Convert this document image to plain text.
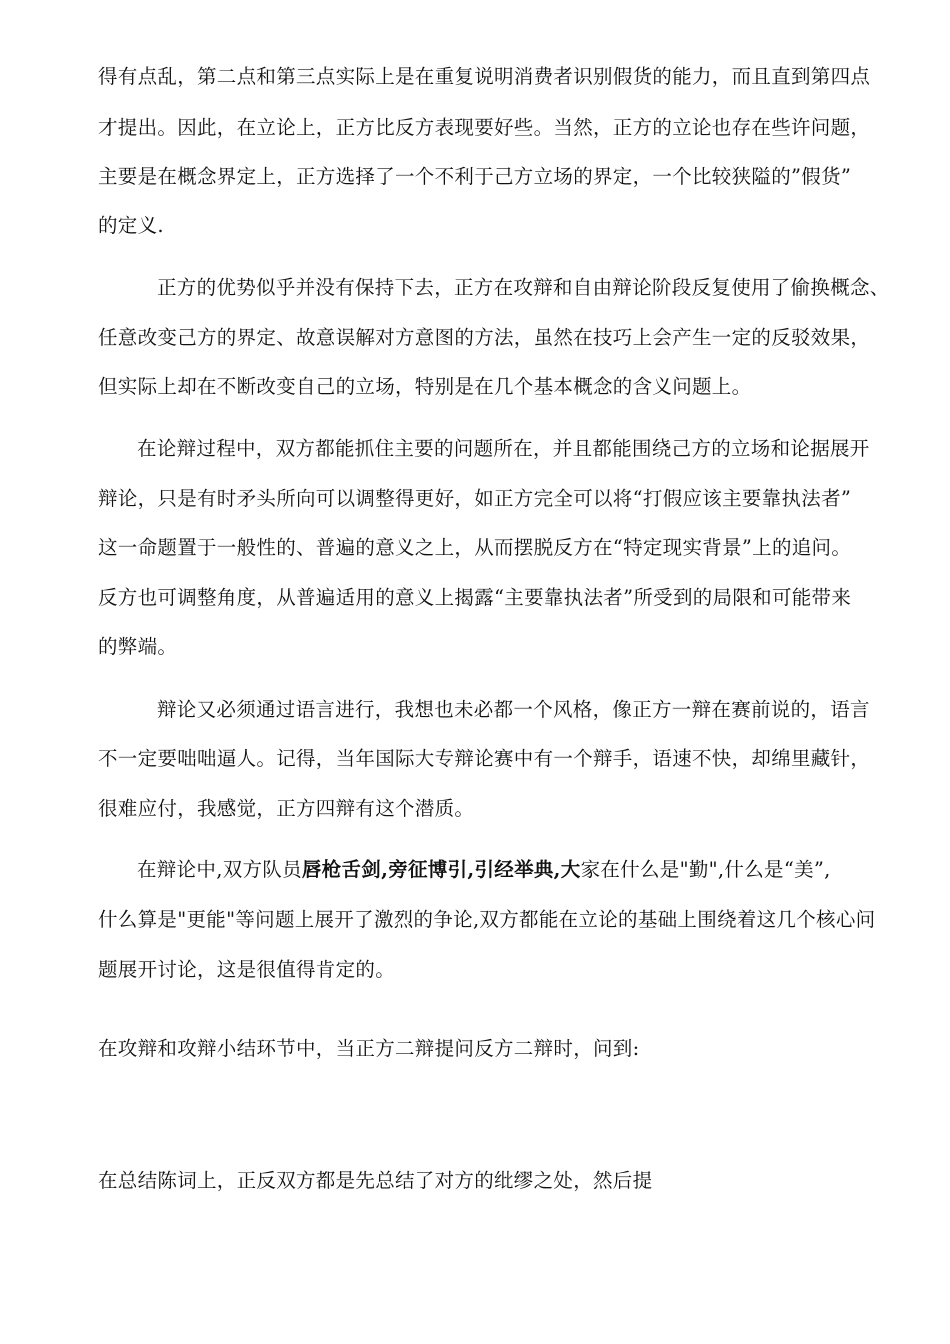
得有点乱，第二点和第三点实际上是在重复说明消费者识别假货的能力，而且直到第四点
才提出。因此，在立论上，正方比反方表现要好些。当然，正方的立论也存在些许问题，
主要是在概念界定上，正方选择了一个不利于己方立场的界定，一个比较狭隘的”假货”
的定义.
正方的优势似乎并没有保持下去，正方在攻辩和自由辩论阶段反复使用了偷换概念、
任意改变己方的界定、故意误解对方意图的方法，虽然在技巧上会产生一定的反驳效果，
但实际上却在不断改变自己的立场，特别是在几个基本概念的含义问题上。
在论辩过程中，双方都能抓住主要的问题所在，并且都能围绕己方的立场和论据展开
辩论，只是有时矛头所向可以调整得更好，如正方完全可以将“打假应该主要靠执法者”
这一命题置于一般性的、普遍的意义之上，从而摆脱反方在“特定现实背景”上的追问。
反方也可调整角度，从普遍适用的意义上揭露“主要靠执法者”所受到的局限和可能带来
的弊端。
辩论又必须通过语言进行，我想也未必都一个风格，像正方一辩在赛前说的，语言
不一定要咄咄逼人。记得，当年国际大专辩论赛中有一个辩手，语速不快，却绵里藏针，
很难应付，我感觉，正方四辩有这个潜质。
在辩论中,双方队员唇枪舌剑,旁征博引,引经举典,大家在什么是"勤",什么是“美”,
什么算是"更能"等问题上展开了激烈的争论,双方都能在立论的基础上围绕着这几个核心问
题展开讨论，这是很值得肯定的。
在攻辩和攻辩小结环节中，当正方二辩提问反方二辩时，问到:
在总结陈词上，正反双方都是先总结了对方的纰缪之处，然后提
